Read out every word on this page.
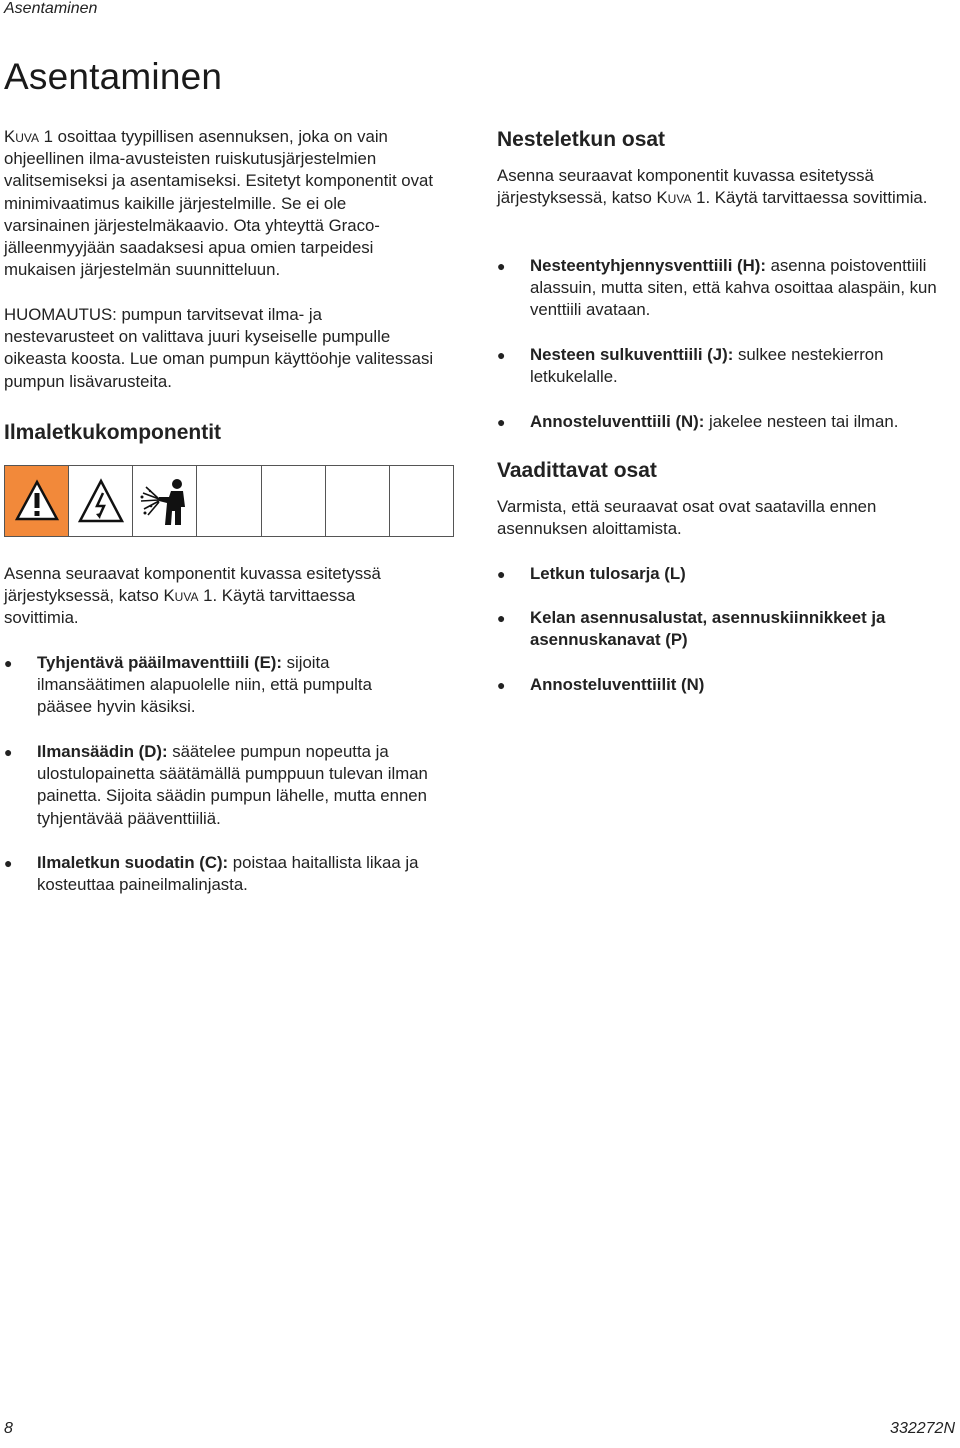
Asentaminen
Asentaminen

Kuva 1 osoittaa tyypillisen asennuksen, joka on vain ohjeellinen ilma-avusteisten ruiskutusjärjestelmien valitsemiseksi ja asentamiseksi. Esitetyt komponentit ovat minimivaatimus kaikille järjestelmille. Se ei ole varsinainen järjestelmäkaavio. Ota yhteyttä Graco-jälleenmyyjään saadaksesi apua omien tarpeidesi mukaisen järjestelmän suunnitteluun.

HUOMAUTUS: pumpun tarvitsevat ilma- ja nestevarusteet on valittava juuri kyseiselle pumpulle oikeasta koosta. Lue oman pumpun käyttöohje valitessasi pumpun lisävarusteita.

Ilmaletkukomponentit

Asenna seuraavat komponentit kuvassa esitetyssä järjestyksessä, katso Kuva 1. Käytä tarvittaessa sovittimia.

● Tyhjentävä pääilmaventtiili (E): sijoita ilmansäätimen alapuolelle niin, että pumpulta pääsee hyvin käsiksi.
● Ilmansäädin (D): säätelee pumpun nopeutta ja ulostulopainetta säätämällä pumppuun tulevan ilman painetta. Sijoita säädin pumpun lähelle, mutta ennen tyhjentävää pääventtiiliä.
● Ilmaletkun suodatin (C): poistaa haitallista likaa ja kosteuttaa paineilmalinjasta.
Nesteletkun osat

Asenna seuraavat komponentit kuvassa esitetyssä järjestyksessä, katso Kuva 1. Käytä tarvittaessa sovittimia.

● Nesteentyhjennysventtiili (H): asenna poistoventtiili alassuin, mutta siten, että kahva osoittaa alaspäin, kun venttiili avataan.
● Nesteen sulkuventtiili (J): sulkee nestekierron letkukelalle.
● Annosteluventtiili (N): jakelee nesteen tai ilman.
Vaadittavat osat

Varmista, että seuraavat osat ovat saatavilla ennen asennuksen aloittamista.

● Letkun tulosarja (L)
● Kelan asennusalustat, asennuskiinnikkeet ja asennuskanavat (P)
● Annosteluventtiilit (N)
8	332272N
